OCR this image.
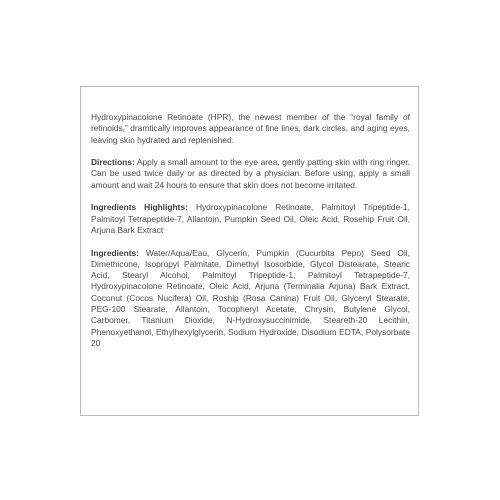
Hydroxypinacolone Retinoate (HPR), the newest member of the “royal family of retinoids,” dramtically improves appearance of fine lines, dark circles, and aging eyes, leaving skin hydrated and replenished.

Directions: Apply a small amount to the eye area, gently patting skin with ring ringer. Can be used twice daily or as directed by a physician. Before using, apply a small amount and wait 24 hours to ensure that skin does not become irritated.

Ingredients Highlights: Hydroxypinacolone Retinoate, Palmitoyl Tripeptide-1, Palmitoyl Tetrapeptide-7, Allantoin, Pumpkin Seed Oil, Oleic Acid, Rosehip Fruit Oil, Arjuna Bark Extract

Ingredients: Water/Aqua/Eau, Glycerin, Pumpkin (Cucurbita Pepo) Seed Oil, Dimethicone, Isopropyl Palmitate, Dimethyl Isosorbide, Glycol Distearate, Stearic Acid, Stearyl Alcohol, Palmitoyl Tripeptide-1, Palmitoyl Tetrapeptide-7, Hydroxypinacolone Retinoate, Oleic Acid, Arjuna (Terminalia Arjuna) Bark Extract, Coconut (Cocos Nucifera) Oil, Roship (Rosa Canina) Fruit Oil, Glyceryl Stearate, PEG-100 Stearate, Allantoin, Tocopheryl Acetate, Chrysin, Butylene Glycol, Carbomer, Titanium Dioxide, N-Hydroxysuccinimide, Steareth-20 Lecithin, Phenoxyethanol, Ethylhexylglycerin, Sodium Hydroxide, Disodium EDTA, Polysorbate 20
